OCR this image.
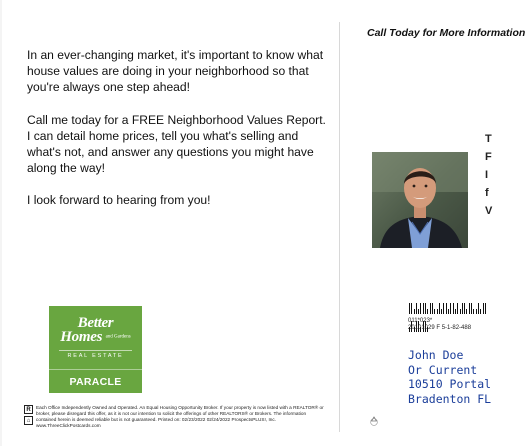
In an ever-changing market, it's important to know what house values are doing in your neighborhood so that you're always one step ahead!

Call me today for a FREE Neighborhood Values Report. I can detail home prices, tell you what's selling and what's not, and answer any questions you might have along the way!

I look forward to hearing from you!

Better
Homes and Gardens
REAL ESTATE
PARACLE
R
⌂
Each Office Independently Owned and Operated. An Equal Housing Opportunity Broker. If your property is now listed with a REALTOR® or broker, please disregard this offer, as it is not our intention to solicit the offerings of other REALTORS® or Brokers. The information contained herein is deemed reliable but is not guaranteed. Printed on: 02/23/2022 02/24/2022 ProspectsPLUS!, Inc. www.ThreeClickPostcards.com
Call Today for More Information
T
F
I
f
V
011*023*
20101029 F 5-1-82-488
John Doe
Or Current
10510 Portal
Bradenton FL
